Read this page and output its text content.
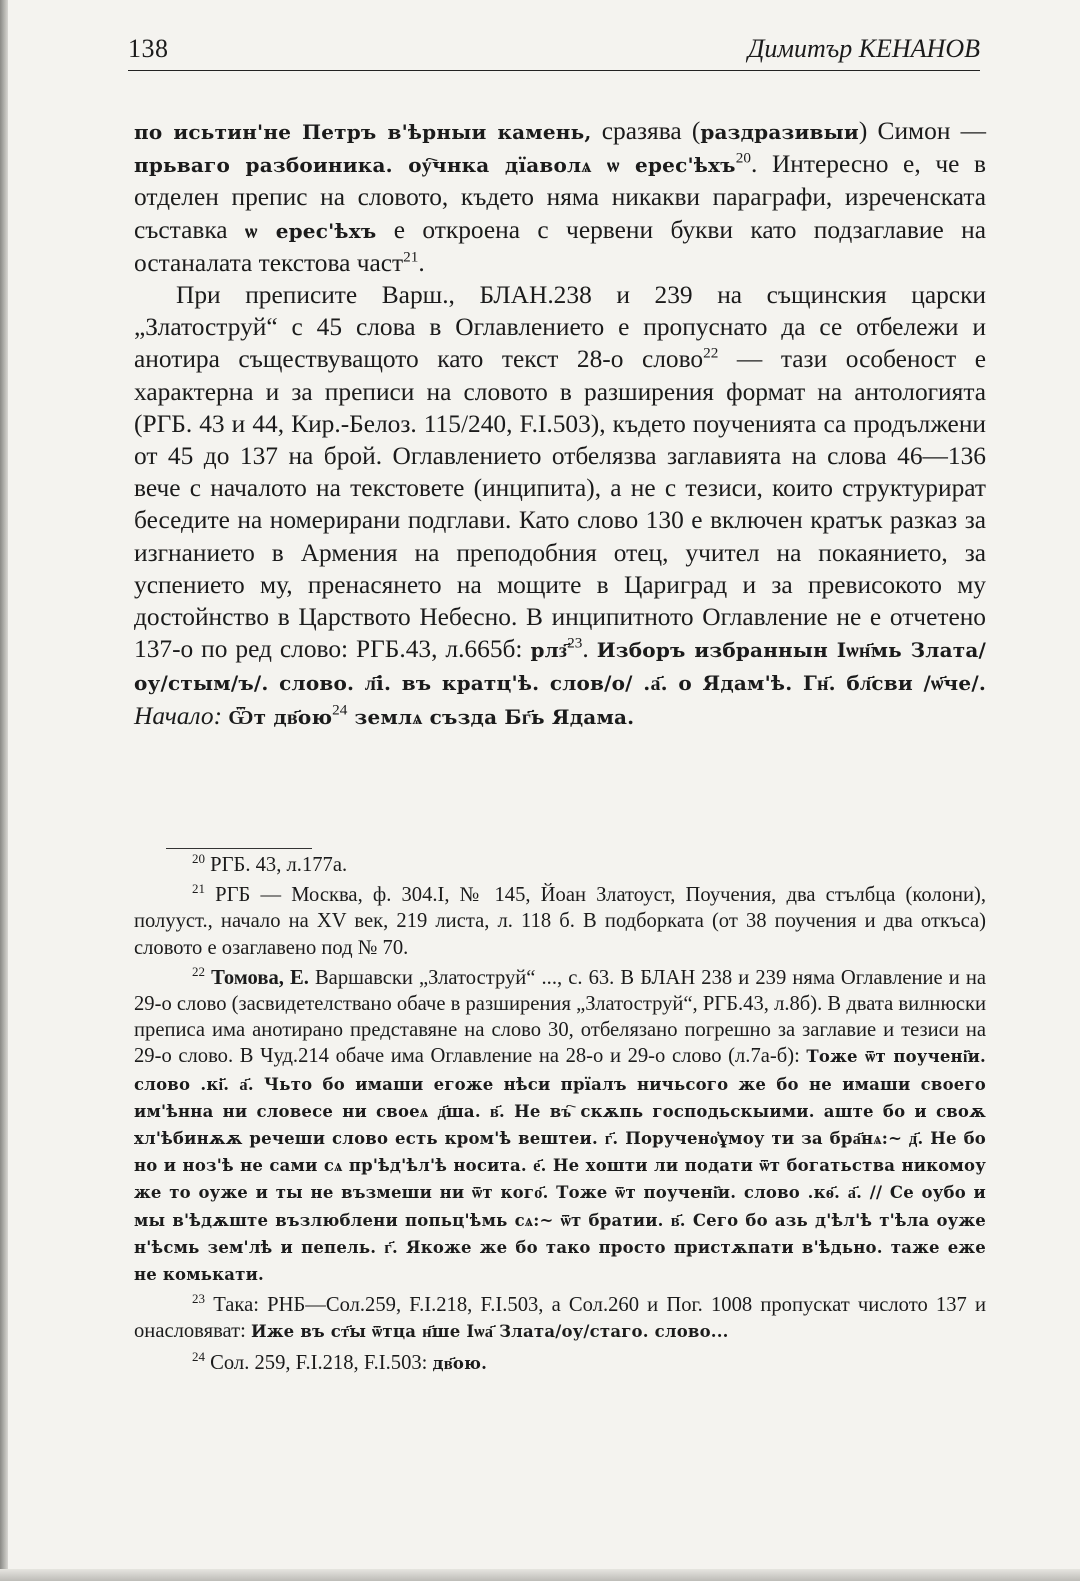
138	Димитър КЕНАНОВ

по исьтин'не Петръ в'ѣрныи камень, сразява (раздразивыи) Симон — прьваго разбоиника. оу҇чнка дїаволѧ ѡ ерес'ѣхъ$^{20}$. Интересно е, че в отделен препис на словото, където няма никакви параграфи, изреченската съставка ѡ ерес'ѣхъ е откроена с червени букви като подзаглавие на останалата текстова част$^{21}$.

При преписите Варш., БЛАН.238 и 239 на същинския царски „Златоструй“ с 45 слова в Оглавлението е пропуснато да се отбележи и анотира съществуващото като текст 28-о слово$^{22}$ — тази особеност е характерна и за преписи на словото в разширения формат на антологията (РГБ. 43 и 44, Кир.-Белоз. 115/240, F.I.503), където поученията са продължени от 45 до 137 на брой. Оглавлението отбелязва заглавията на слова 46—136 вече с началото на текстовете (инципита), а не с тезиси, които структурират беседите на номерирани подглави. Като слово 130 е включен кратък разказ за изгнанието в Армения на преподобния отец, учител на покаянието, за успението му, пренасянето на мощите в Цариград и за превисокото му достойнство в Царството Небесно. В инципитното Оглавление не е отчетено 137-о по ред слово: РГБ.43, л.665б: рлз҃$^{23}$. Изборъ избраннын Іѡн҃мь Злата/оу/стым/ъ/. слово. л҃і. въ кратц'ѣ. слов/о/ .а҃. о Ядам'ѣ. Гн҃. бл҃сви /ѡ҃че/. Начало: Ѿт $дв҃ою^{24}$ землѧ създа Бг҃ь Ядама.

$^{20}$ РГБ. 43, л.177а.

$^{21}$ РГБ — Москва, ф. 304.I, № 145, Йоан Златоуст, Поучения, два стълбца (колони), полууст., начало на XV век, 219 листа, л. 118 б. В подборката (от 38 поучения и два откъса) словото е озаглавено под № 70.

$^{22}$ Томова, Е. Варшавски „Златоструй“ ..., с. 63. В БЛАН 238 и 239 няма Оглавление и на 29-о слово (засвидетелствано обаче в разширения „Златоструй“, РГБ.43, л.8б). В двата вилнюски преписа има анотирано представяне на слово 30, отбелязано погрешно за заглавие и тезиси на 29-о слово. В Чуд.214 обаче има Оглавление на 28-о и 29-о слово (л.7а-б): Тоже ѿт поучені҄и. слово .кі҃. а҃. Чьто бо имаши егоже нѣси прїалъ ничьсого же бо не имаши своего им'ѣнна ни словесе ни своеѧ д҃ша. в҃. Не въ҇ скѫпь господьскыими. аште бо и своѫ хл'ѣбинѫѫ речеши слово есть кром'ѣ вештеи. г҃. Поручено҆ұмоу ти за бра҃нѧ:~ д҃. Не бо но и ноз'ѣ не сами сѧ пр'ѣд'ѣл'ѣ носита. е҃. Не хошти ли подати ѿт богатьства никомоу же то оуже и ты не възмеши ни ѿт кого҃. Тоже ѿт поучені҄и. слово .кѳ҃. а҃. // Се оубо и мы в'ѣдѫште възлюблени попьц'ѣмь сѧ:~ ѿт братии. в҃. Сего бо азь д'ѣл'ѣ т'ѣла оуже н'ѣсмь зем'лѣ и пепель. г҃. Якоже же бо тако просто пристѫпати в'ѣдьно. таже еже не комькати.

$^{23}$ Така: РНБ—Сол.259, F.I.218, F.I.503, а Сол.260 и Пог. 1008 пропускат числото 137 и онасловяват: Иже въ ст҃ы ѿтца н҃ше Іѡа҃ Злата/оу/стаго. слово...

$^{24}$ Сол. 259, F.I.218, F.I.503: дв҃ою.
